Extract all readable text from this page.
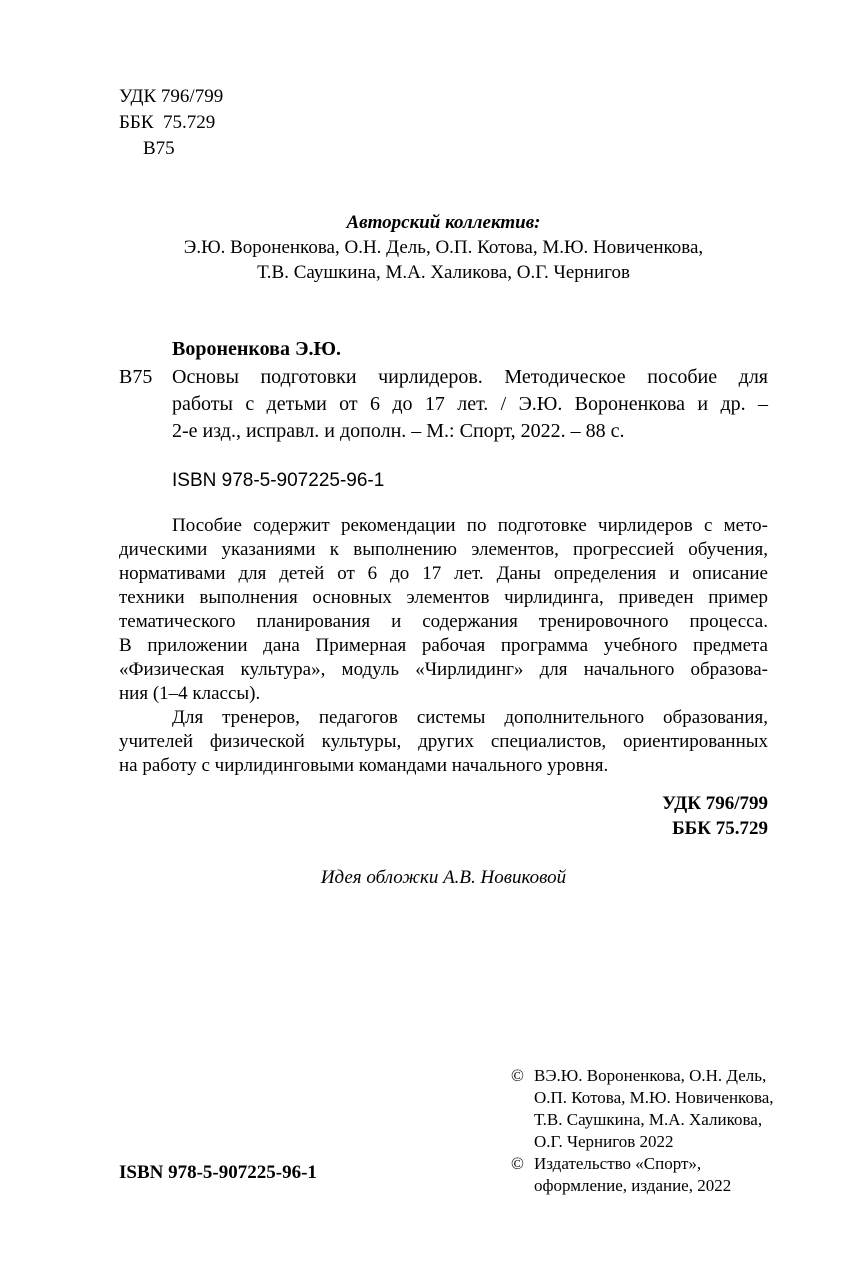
УДК 796/799
ББК  75.729
В75
Авторский коллектив:
Э.Ю. Вороненкова, О.Н. Дель, О.П. Котова, М.Ю. Новиченкова,
Т.В. Саушкина, М.А. Халикова, О.Г. Чернигов
Вороненкова Э.Ю.
В75 Основы подготовки чирлидеров. Методическое пособие для
работы с детьми от 6 до 17 лет. / Э.Ю. Вороненкова и др. –
2-е изд., исправл. и дополн. – М.: Спорт, 2022. – 88 с.
ISBN 978-5-907225-96-1
Пособие содержит рекомендации по подготовке чирлидеров с мето-
дическими указаниями к выполнению элементов, прогрессией обучения,
нормативами для детей от 6 до 17 лет. Даны определения и описание
техники выполнения основных элементов чирлидинга, приведен пример
тематического планирования и содержания тренировочного процесса.
В приложении дана Примерная рабочая программа учебного предмета
«Физическая культура», модуль «Чирлидинг» для начального образова-
ния (1–4 классы).
Для тренеров, педагогов системы дополнительного образования,
учителей физической культуры, других специалистов, ориентированных
на работу с чирлидинговыми командами начального уровня.
УДК 796/799
ББК 75.729
Идея обложки А.В. Новиковой
© ВЭ.Ю. Вороненкова, О.Н. Дель,
О.П. Котова, М.Ю. Новиченкова,
Т.В. Саушкина, М.А. Халикова,
О.Г. Чернигов 2022
© Издательство «Спорт»,
оформление, издание, 2022
ISBN 978-5-907225-96-1
